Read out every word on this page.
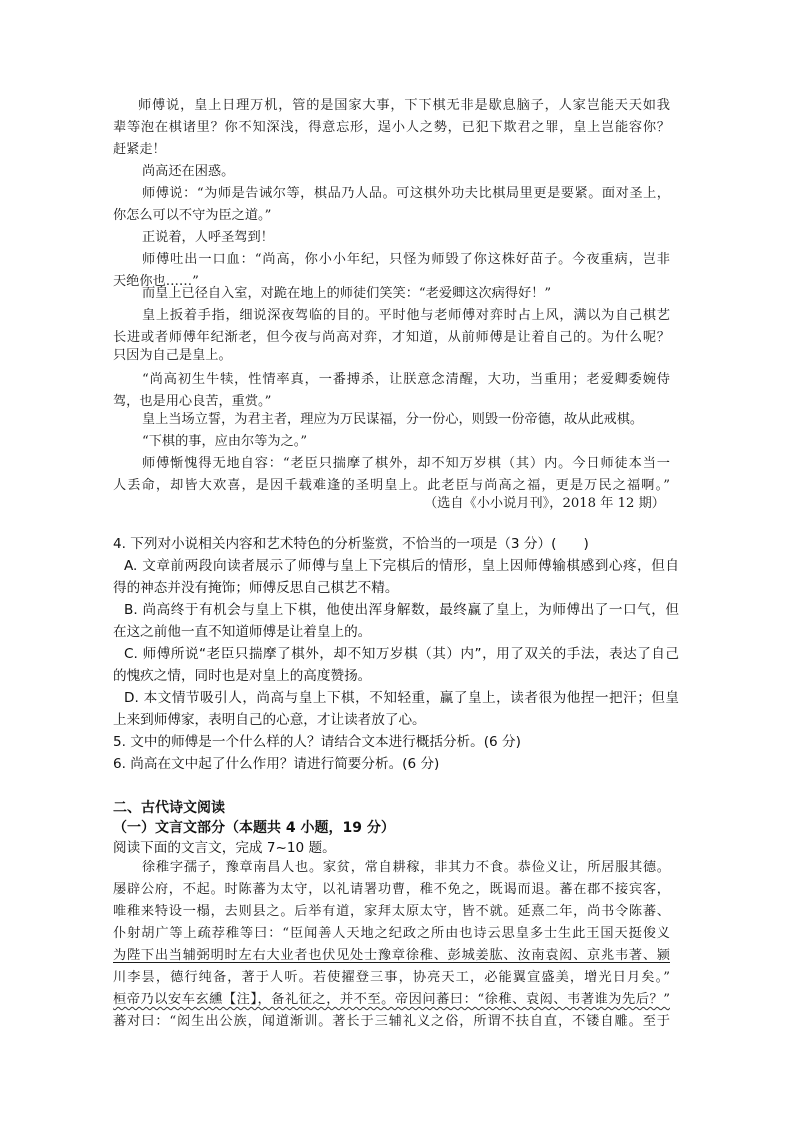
师傅说，皇上日理万机，管的是国家大事，下下棋无非是歇息脑子，人家岂能天天如我
辈等泡在棋诸里？你不知深浅，得意忘形，逞小人之勢，已犯下欺君之罪，皇上岂能容你？
赶紧走！
尚高还在困惑。
师傅说：“为师是告诫尔等，棋品乃人品。可这棋外功夫比棋局里更是要紧。面对圣上，
你怎么可以不守为臣之道。”
正说着，人呼圣驾到！
师傅吐出一口血：“尚高，你小小年纪，只怪为师毁了你这株好苗子。今夜重病，岂非
天绝你也……”
而皇上已径自入室，对跪在地上的师徒们笑笑：“老爱卿这次病得好！”
皇上扳着手指，细说深夜驾临的目的。平时他与老师傅对弈时占上风，满以为自己棋艺
长进或者师傅年纪渐老，但今夜与尚高对弈，才知道，从前师傅是让着自己的。为什么呢？
只因为自己是皇上。
“尚高初生牛犊，性情率真，一番搏杀，让朕意念清醒，大功，当重用；老爱卿委婉侍
驾，也是用心良苦，重赏。”
皇上当场立誓，为君主者，理应为万民谋福，分一份心，则毁一份帝德，故从此戒棋。
“下棋的事，应由尔等为之。”
师傅惭愧得无地自容：“老臣只揣摩了棋外，却不知万岁棋（其）内。今日师徒本当一
人丢命，却皆大欢喜，是因千载难逢的圣明皇上。此老臣与尚高之福，更是万民之福啊。”
（选自《小小说月刊》，2018 年 12 期）
4. 下列对小说相关内容和艺术特色的分析鉴赏，不恰当的一项是（3 分）(　　)
A. 文章前两段向读者展示了师傅与皇上下完棋后的情形，皇上因师傅输棋感到心疼，但自
得的神态并没有掩饰；师傅反思自己棋艺不精。
B. 尚高终于有机会与皇上下棋，他使出浑身解数，最终赢了皇上，为师傅出了一口气，但
在这之前他一直不知道师傅是让着皇上的。
C. 师傅所说“老臣只揣摩了棋外，却不知万岁棋（其）内”，用了双关的手法，表达了自己
的愧疚之情，同时也是对皇上的高度赞扬。
D. 本文情节吸引人，尚高与皇上下棋，不知轻重，赢了皇上，读者很为他捏一把汗；但皇
上来到师傅家，表明自己的心意，才让读者放了心。
5. 文中的师傅是一个什么样的人？请结合文本进行概括分析。(6 分)
6. 尚高在文中起了什么作用？请进行简要分析。(6 分)
二、古代诗文阅读
（一）文言文部分（本题共 4 小题，19 分）
阅读下面的文言文，完成 7~10 题。
徐稚字孺子，豫章南昌人也。家贫，常自耕稼，非其力不食。恭俭义让，所居服其德。
屡辟公府，不起。时陈蕃为太守，以礼请署功曹，稚不免之，既谒而退。蕃在郡不接宾客，
唯稚来特设一榻，去则县之。后举有道，家拜太原太守，皆不就。延熹二年，尚书令陈蕃、
仆射胡广等上疏荐稚等曰：“臣闻善人天地之纪政之所由也诗云思皇多士生此王国天挺俊义
为陛下出当辅弼明时左右大业者也伏见处士豫章徐稚、彭城姜肱、汝南袁闳、京兆韦著、颍
川李昙，德行纯备，著于人听。若使擢登三事，协亮天工，必能翼宣盛美，增光日月矣。”
桓帝乃以安车玄纁【注】，备礼征之，并不至。帝因问蕃曰：“徐稚、袁闳、韦著谁为先后？”
蕃对曰：“闳生出公族，闻道渐训。著长于三辅礼义之俗，所谓不扶自直，不镂自雕。至于
